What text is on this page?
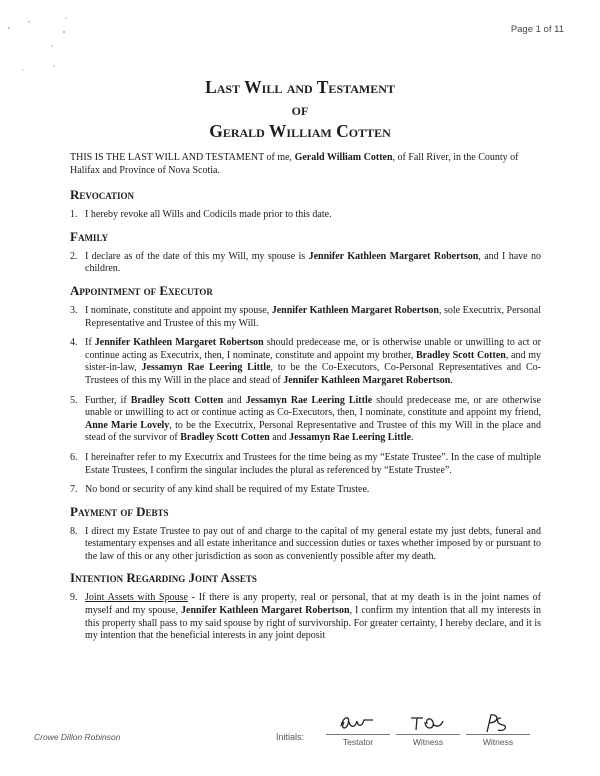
Page 1 of 11
Last Will and Testament
of
Gerald William Cotten

THIS IS THE LAST WILL AND TESTAMENT of me, Gerald William Cotten, of Fall River, in the County of Halifax and Province of Nova Scotia.

Revocation
1. I hereby revoke all Wills and Codicils made prior to this date.
Family
2. I declare as of the date of this my Will, my spouse is Jennifer Kathleen Margaret Robertson, and I have no children.
Appointment of Executor
3. I nominate, constitute and appoint my spouse, Jennifer Kathleen Margaret Robertson, sole Executrix, Personal Representative and Trustee of this my Will.
4. If Jennifer Kathleen Margaret Robertson should predecease me, or is otherwise unable or unwilling to act or continue acting as Executrix, then, I nominate, constitute and appoint my brother, Bradley Scott Cotten, and my sister-in-law, Jessamyn Rae Leering Little, to be the Co-Executors, Co-Personal Representatives and Co-Trustees of this my Will in the place and stead of Jennifer Kathleen Margaret Robertson.
5. Further, if Bradley Scott Cotten and Jessamyn Rae Leering Little should predecease me, or are otherwise unable or unwilling to act or continue acting as Co-Executors, then, I nominate, constitute and appoint my friend, Anne Marie Lovely, to be the Executrix, Personal Representative and Trustee of this my Will in the place and stead of the survivor of Bradley Scott Cotten and Jessamyn Rae Leering Little.
6. I hereinafter refer to my Executrix and Trustees for the time being as my “Estate Trustee”. In the case of multiple Estate Trustees, I confirm the singular includes the plural as referenced by “Estate Trustee”.
7. No bond or security of any kind shall be required of my Estate Trustee.
Payment of Debts
8. I direct my Estate Trustee to pay out of and charge to the capital of my general estate my just debts, funeral and testamentary expenses and all estate inheritance and succession duties or taxes whether imposed by or pursuant to the law of this or any other jurisdiction as soon as conveniently possible after my death.
Intention Regarding Joint Assets
9. Joint Assets with Spouse - If there is any property, real or personal, that at my death is in the joint names of myself and my spouse, Jennifer Kathleen Margaret Robertson, I confirm my intention that all my interests in this property shall pass to my said spouse by right of survivorship. For greater certainty, I hereby declare, and it is my intention that the beneficial interests in any joint deposit
Crowe Dillon Robinson	Initials:	Testator	Witness	Witness
